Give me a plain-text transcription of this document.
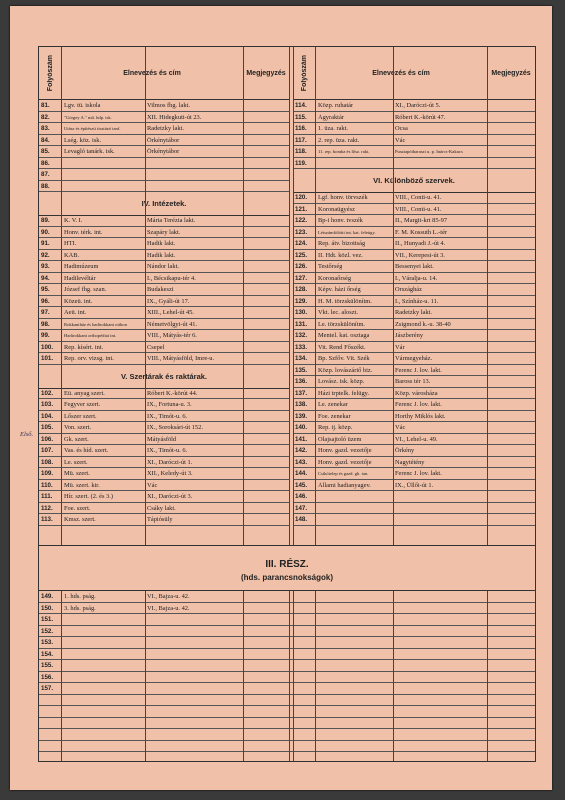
Folyószám	Elnevezés és cím	Megjegyzés Folyószám	Elnevezés és cím	Megjegyzés
81. Lgv. tü. iskola	Vilmos fhg. lakt.
82.	"Görgey A." mű. hdp. isk.	XII. Hidegkuti-út 23.
83.	Utász és építészti tisztázó tanf.	Radetzky lakt.
84. Lség. köz. isk.	Örkénytábor
85. Levagló tanárk. isk.	Örkénytábor
86.
87.
88.
IV. Intézetek.
89. K. V. I.	Mária Terézia lakt.
90. Honv. térk. int.	Szapáry lakt.
91. HTI.	Hadik lakt.
92. KÁB.	Hadik lakt.
93. Hadimúzeum	Nándor lakt.
94. Hadilevéltár	I., Bécsikapu-tér 4.
95. József fhg. szan.	Budakeszi
96. Közeü. int.	IX., Gyáli-út 17.
97. Aeü. int.	XIII., Lehel-út 45.
98.	Rokkantház és hadirokkant otthon	Németvölgyi-út 41.
99.	Hadirokkant orthopédiai int.	VIII., Mátyás-tér 6.
100. Rep. kísért. int.	Csepel
101. Rep. orv. vizsg. int.	VIII., Mátyásföld, Imre-u.
V. Szertárak és raktárak.
102. Eü. anyag szert.	Róbert K.-körút 44.
103. Fegyver szert.	IX., Fortuna-u. 3.
104. Lőszer szert.	IX., Timót-u. 6.
105. Von. szert.	IX., Soroksári-út 152.
106. Gk. szert.	Mátyásföld
107. Vas. és híd. szert.	IX., Timót-u. 6.
108. Le. szert.	XI., Daróczi-út 1.
109. Mü. szert.	XII., Keledy-út 3.
110. Mü. szert. kir.	Vác
111. Hír. szert. (2. és 3.)	XI., Daróczi-út 3.
112. Foe. szert.	Csáky lakt.
113. Kmsz. szert.	Tápiósüly
114. Közp. ruhatár	XI., Daróczi-út 5.
115. Ágyraktár	Róbert K.-körút 47.
116. 1. üza. rakt.	Ocsa
117. 2. rep. üza. rakt.	Vác
118. 11. rep. bomba és lősz. rakt.	Pusztapótharaszt u. p. Inárcs-Kakucs
119.
VI. Különböző szervek.
120. Lgf. honv. törvszék	VIII., Conti-u. 41.
121. Koronaügyész	VIII., Conti-u. 41.
122. Bp-i honv. tvszék	II., Margit-krt 85-97
123. Létszámfölötti int. kat. feleügy.	F. M. Kossuth L.-tér
124. Rep. átv. bizottság	II., Hunyadi J.-út 4.
125. II. Hdt. közl. vez.	VII., Kerepesi-út 3.
126. Testőrség	Bessenyei lakt.
127. Koronaőrség	I., Váralja-u. 14.
128. Képv. házi őrség	Országház
129. H. M. törzskülönítm.	I., Színház-u. 11.
130. Vkt. lec. aloszt.	Radetzky lakt.
131. Le. törzskülönítm.	Zsigmond k.-u. 38-40
132. Mentel. kat. osztaga	Jászberény
133. Vit. Rend Főszékt.	Vár
134. Bp. Szfőv. Vit. Szék	Vármegyeház.
135. Közp. lovászáriő biz.	Ferenc J. lov. lakt.
136. Lovász. isk. közp.	Baross tér 13.
137. Házi trptelk. felügy.	Közp. városháza
138. Le. zenekar	Ferenc J. lov. lakt.
139. Foe. zenekar	Horthy Miklós lakt.
140. Rep. ij. közp.	Vác
141. Olajsajtoló üzem	VI., Lehel-u. 49.
142. Honv. gazd. vezetője	Örkény
143. Honv. gazd. vezetője	Nagytétény
144. Csikótelep és gazd. gh. tan.	Ferenc J. lov. lakt.
145. Állami hadianyagev.	IX., Üllői-út 1.
146.
147.
148.
149. 1. hds. pság.	VI., Bajza-u. 42.
150. 3. hds. pság.	VI., Bajza-u. 42.
151.
152.
153.
154.
155.
156.
157.
III. RÉSZ.
(hds. parancsnokságok)
Első.
